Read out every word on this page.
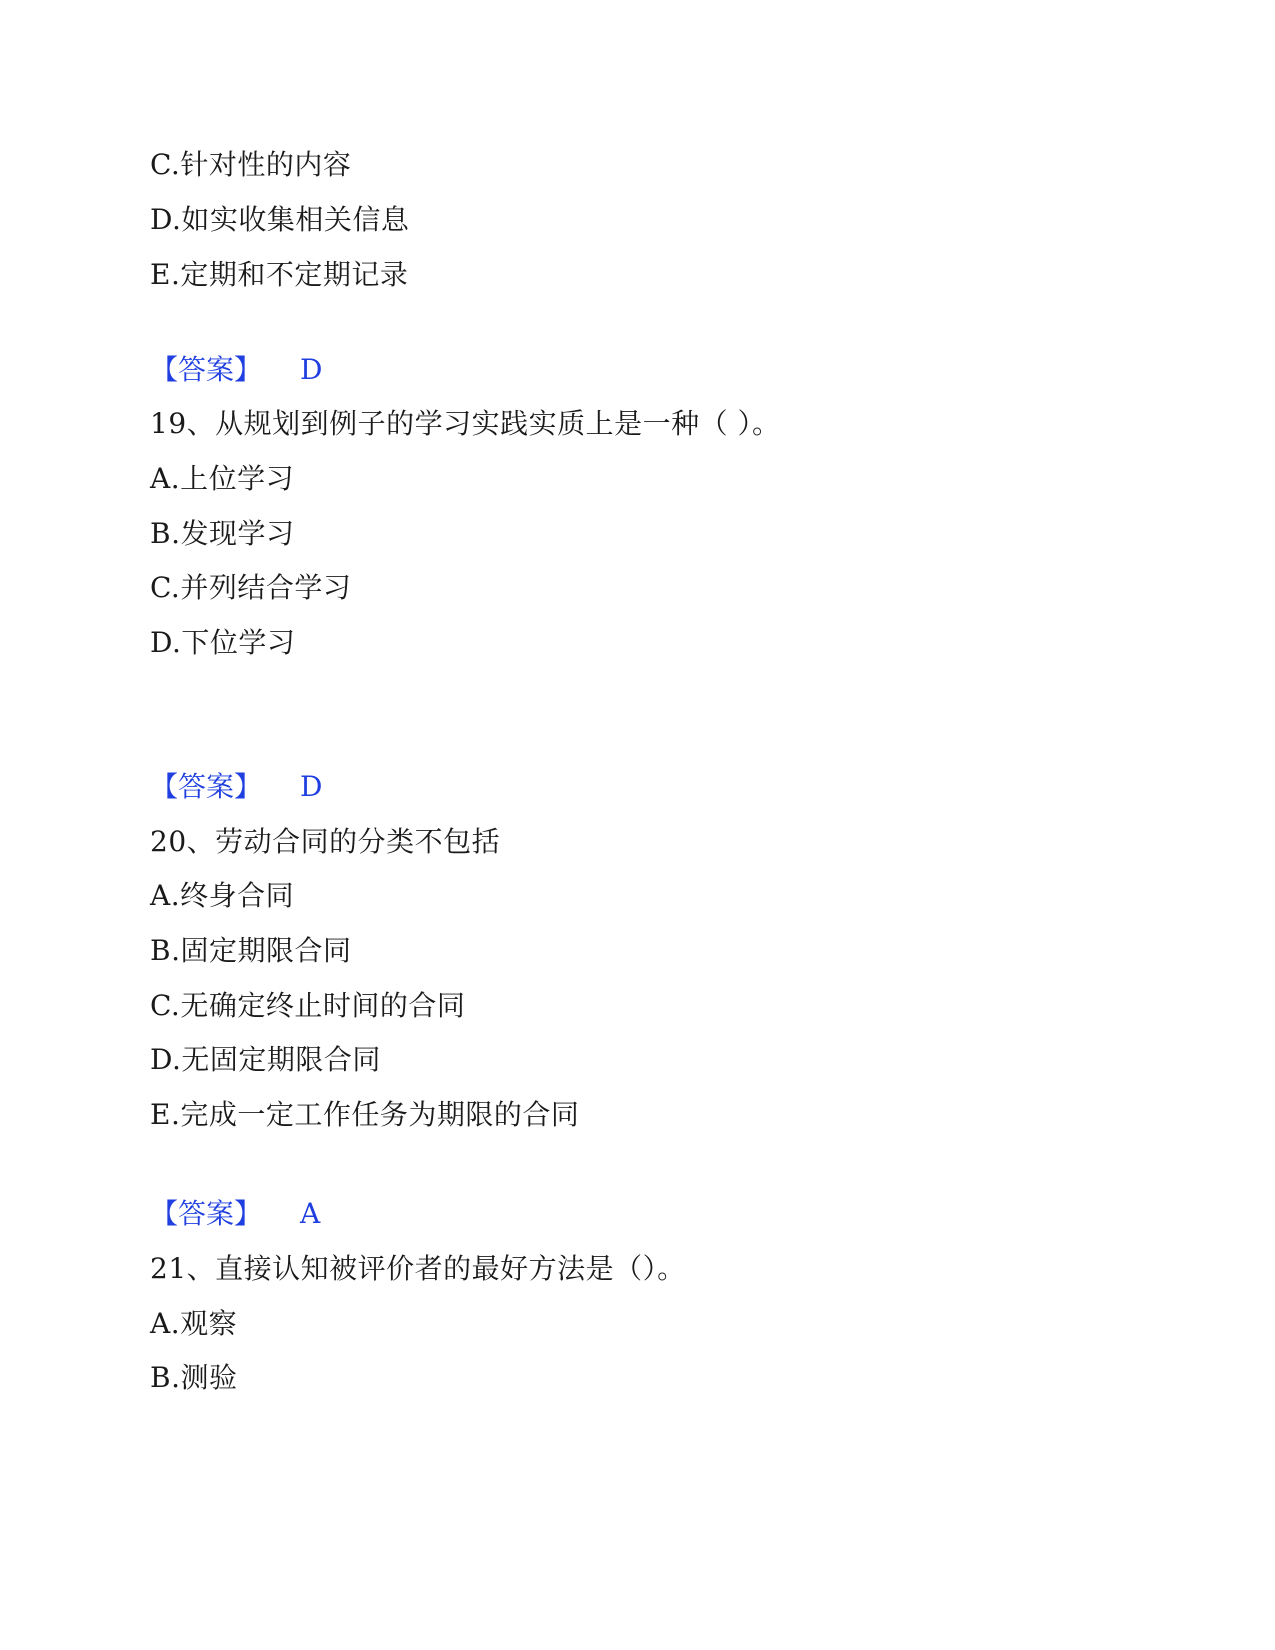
C.针对性的内容
D.如实收集相关信息
E.定期和不定期记录
【答案】 D
19、从规划到例子的学习实践实质上是一种（ ）。
A.上位学习
B.发现学习
C.并列结合学习
D.下位学习
【答案】 D
20、劳动合同的分类不包括
A.终身合同
B.固定期限合同
C.无确定终止时间的合同
D.无固定期限合同
E.完成一定工作任务为期限的合同
【答案】 A
21、直接认知被评价者的最好方法是（）。
A.观察
B.测验
